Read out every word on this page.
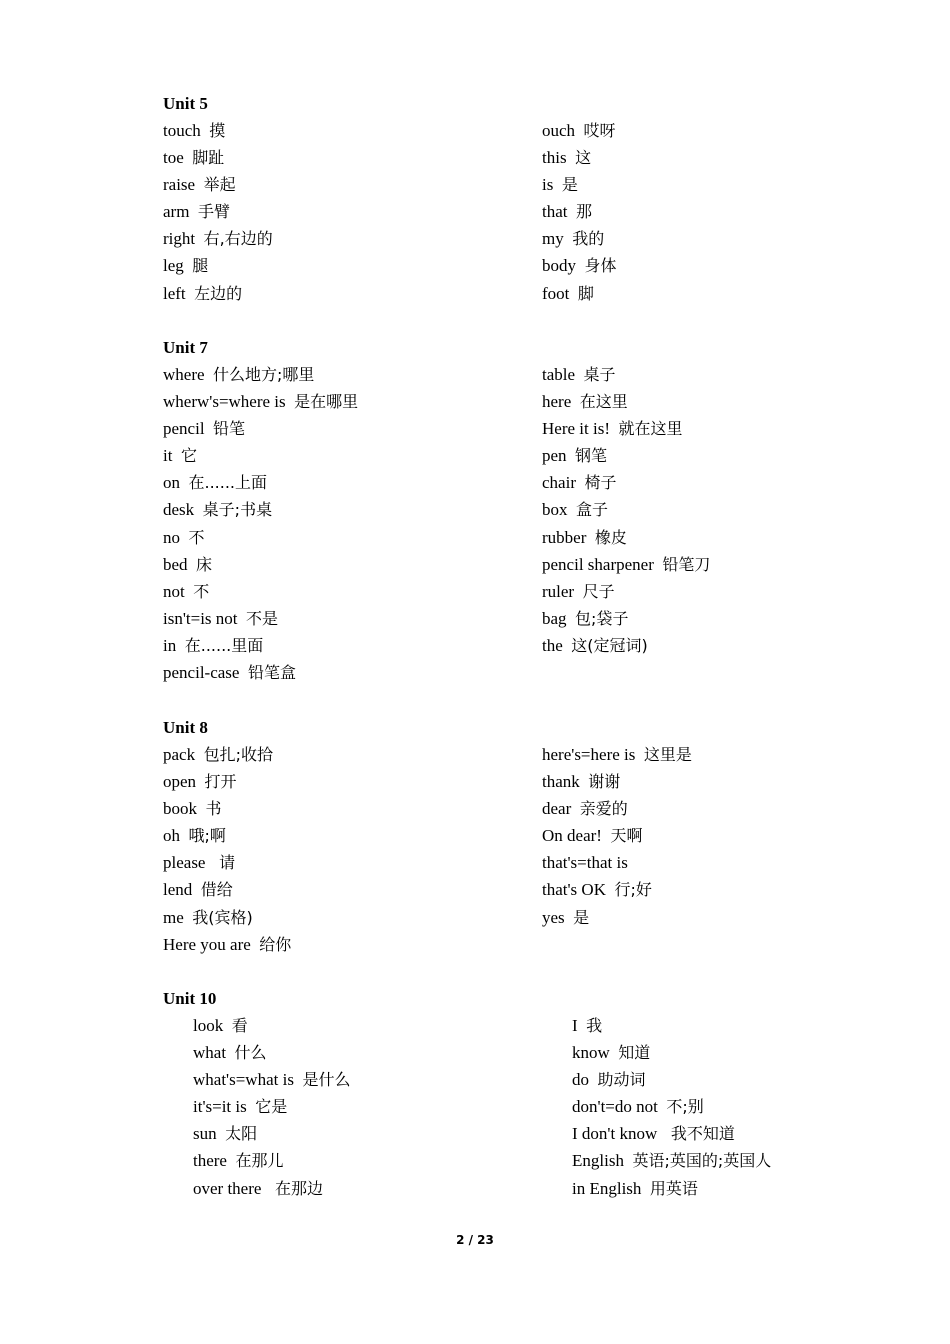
Unit 5
touch 摸
toe 脚趾
raise 举起
arm 手臂
right 右,右边的
leg 腿
left 左边的
ouch 哎呀
this 这
is 是
that 那
my 我的
body 身体
foot 脚
Unit 7
where 什么地方;哪里
wherw's=where is 是在哪里
pencil 铅笔
it 它
on 在......上面
desk 桌子;书桌
no 不
bed 床
not 不
isn't=is not 不是
in 在......里面
pencil-case 铅笔盒
table 桌子
here 在这里
Here it is! 就在这里
pen 钢笔
chair 椅子
box 盒子
rubber 橡皮
pencil sharpener 铅笔刀
ruler 尺子
bag 包;袋子
the 这(定冠词)
Unit 8
pack 包扎;收拾
open 打开
book 书
oh 哦;啊
please   请
lend 借给
me 我(宾格)
Here you are 给你
here's=here is 这里是
thank 谢谢
dear 亲爱的
On dear! 天啊
that's=that is
that's OK 行;好
yes 是
Unit 10
look 看
what 什么
what's=what is 是什么
it's=it is 它是
sun 太阳
there 在那儿
over there   在那边
I 我
know 知道
do 助动词
don't=do not 不;别
I don't know   我不知道
English 英语;英国的;英国人
in English 用英语
2 / 23
